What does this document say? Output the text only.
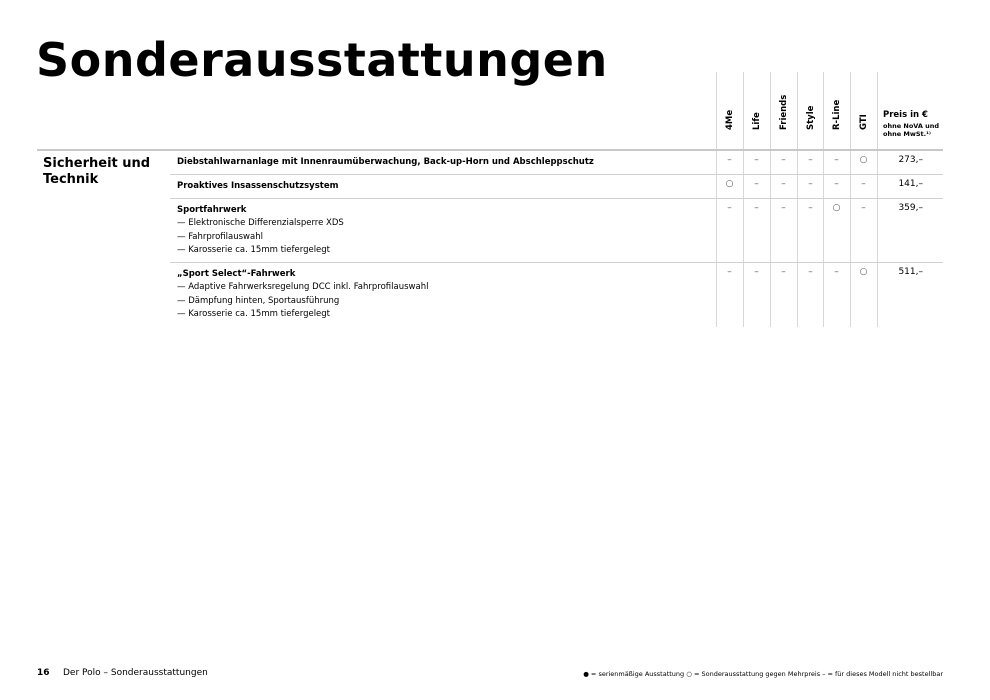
Sonderausstattungen
4Me Life Friends Style R-Line GTI Preis in €
ohne NoVA und
ohne MwSt.¹⁾
Sicherheit und
Technik
Diebstahlwarnanlage mit Innenraumüberwachung, Back-up-Horn und Abschleppschutz	–	–	–	–	–	○	273,–
Proaktives Insassenschutzsystem	○	–	–	–	–	–	141,–
Sportfahrwerk
— Elektronische Differenzialsperre XDS
— Fahrprofilauswahl
— Karosserie ca. 15mm tiefergelegt
–	–	–	–	○	–	359,–
„Sport Select“-Fahrwerk
— Adaptive Fahrwerksregelung DCC inkl. Fahrprofilauswahl
— Dämpfung hinten, Sportausführung
— Karosserie ca. 15mm tiefergelegt
–	–	–	–	–	○	511,–
16 Der Polo – Sonderausstattungen	● = serienmäßige Ausstattung ○ = Sonderausstattung gegen Mehrpreis – = für dieses Modell nicht bestellbar
